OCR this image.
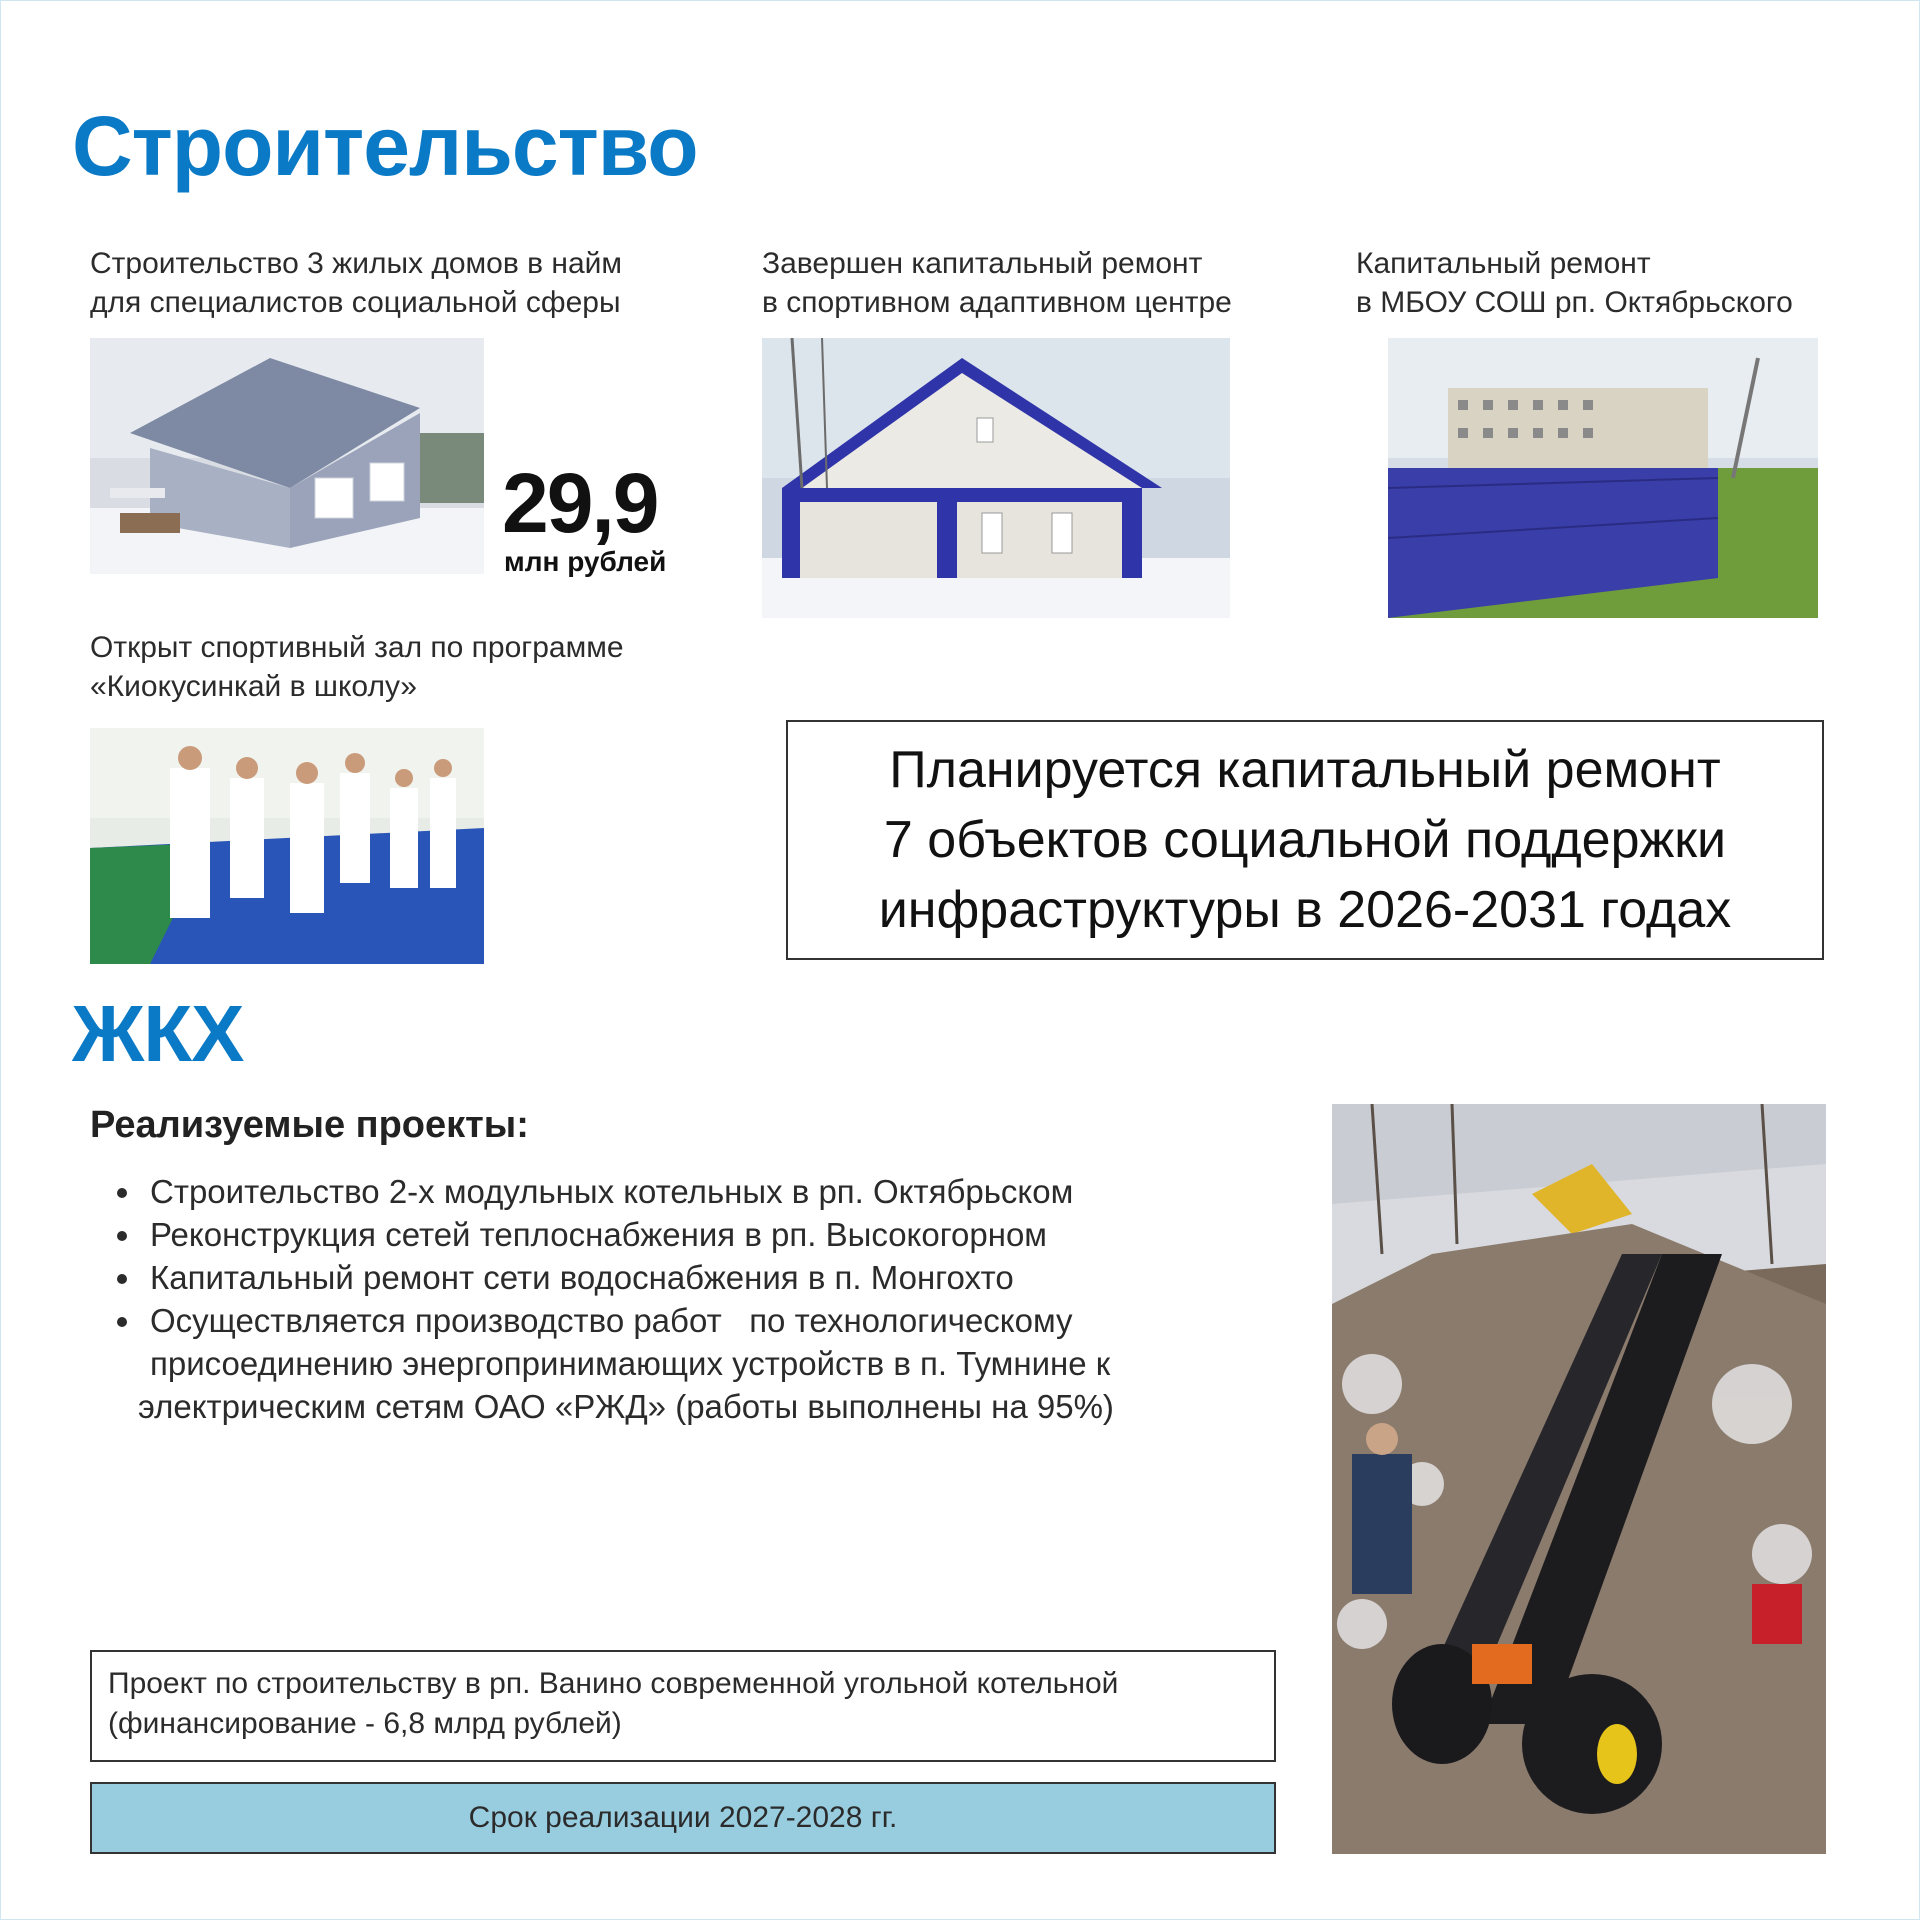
Строительство
Строительство 3 жилых домов в найм
для специалистов социальной сферы
29,9
млн рублей
Завершен капитальный ремонт
в спортивном адаптивном центре
Капитальный ремонт
в МБОУ СОШ рп. Октябрьского
Открыт спортивный зал по программе
«Киокусинкай в школу»
Планируется капитальный ремонт
7 объектов социальной поддержки
инфраструктуры в 2026-2031 годах
ЖКХ
Реализуемые проекты:
• Строительство 2-х модульных котельных в рп. Октябрьском
• Реконструкция сетей теплоснабжения в рп. Высокогорном
• Капитальный ремонт сети водоснабжения в п. Монгохто
• Осуществляется производство работ   по технологическому
присоединению энергопринимающих устройств в п. Тумнине к

электрическим сетям ОАО «РЖД» (работы выполнены на 95%)
Проект по строительству в рп. Ванино современной угольной котельной
(финансирование - 6,8 млрд рублей)
Срок реализации 2027-2028 гг.
